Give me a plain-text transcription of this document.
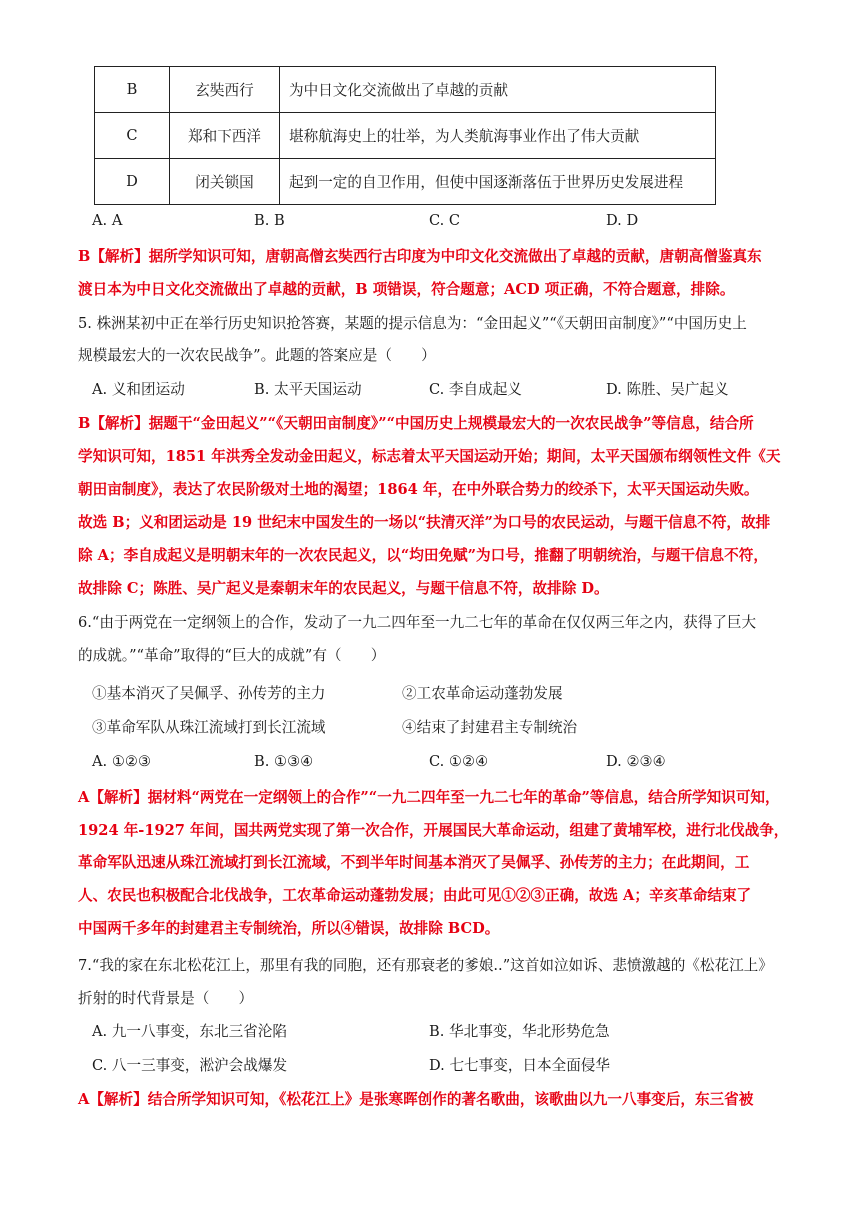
B	玄奘西行	为中日文化交流做出了卓越的贡献
C	郑和下西洋	堪称航海史上的壮举，为人类航海事业作出了伟大贡献
D	闭关锁国	起到一定的自卫作用，但使中国逐渐落伍于世界历史发展进程
A. A	B. B	C. C	D. D
B【解析】据所学知识可知，唐朝高僧玄奘西行古印度为中印文化交流做出了卓越的贡献，唐朝高僧鉴真东
渡日本为中日文化交流做出了卓越的贡献，B 项错误，符合题意；ACD 项正确，不符合题意，排除。
5. 株洲某初中正在举行历史知识抢答赛，某题的提示信息为：“金田起义”“《天朝田亩制度》”“中国历史上
规模最宏大的一次农民战争”。此题的答案应是（　　）
A. 义和团运动	B. 太平天国运动	C. 李自成起义	D. 陈胜、吴广起义
B【解析】据题干“金田起义”“《天朝田亩制度》”“中国历史上规模最宏大的一次农民战争”等信息，结合所
学知识可知，1851 年洪秀全发动金田起义，标志着太平天国运动开始；期间，太平天国颁布纲领性文件《天
朝田亩制度》，表达了农民阶级对土地的渴望；1864 年，在中外联合势力的绞杀下，太平天国运动失败。
故选 B；义和团运动是 19 世纪末中国发生的一场以“扶清灭洋”为口号的农民运动，与题干信息不符，故排
除 A；李自成起义是明朝末年的一次农民起义，以“均田免赋”为口号，推翻了明朝统治，与题干信息不符，
故排除 C；陈胜、吴广起义是秦朝末年的农民起义，与题干信息不符，故排除 D。
6.“由于两党在一定纲领上的合作，发动了一九二四年至一九二七年的革命在仅仅两三年之内，获得了巨大
的成就。”“革命”取得的“巨大的成就”有（　　）
①基本消灭了吴佩孚、孙传芳的主力	②工农革命运动蓬勃发展
③革命军队从珠江流域打到长江流域	④结束了封建君主专制统治
A. ①②③	B. ①③④	C. ①②④	D. ②③④
A【解析】据材料“两党在一定纲领上的合作”“一九二四年至一九二七年的革命”等信息，结合所学知识可知，
1924 年-1927 年间，国共两党实现了第一次合作，开展国民大革命运动，组建了黄埔军校，进行北伐战争，
革命军队迅速从珠江流域打到长江流域，不到半年时间基本消灭了吴佩孚、孙传芳的主力；在此期间，工
人、农民也积极配合北伐战争，工农革命运动蓬勃发展；由此可见①②③正确，故选 A；辛亥革命结束了
中国两千多年的封建君主专制统治，所以④错误，故排除 BCD。
7.“我的家在东北松花江上，那里有我的同胞，还有那衰老的爹娘..”这首如泣如诉、悲愤激越的《松花江上》
折射的时代背景是（　　）
A. 九一八事变，东北三省沦陷	B. 华北事变，华北形势危急
C. 八一三事变，淞沪会战爆发	D. 七七事变，日本全面侵华
A【解析】结合所学知识可知，《松花江上》是张寒晖创作的著名歌曲，该歌曲以九一八事变后，东三省被
